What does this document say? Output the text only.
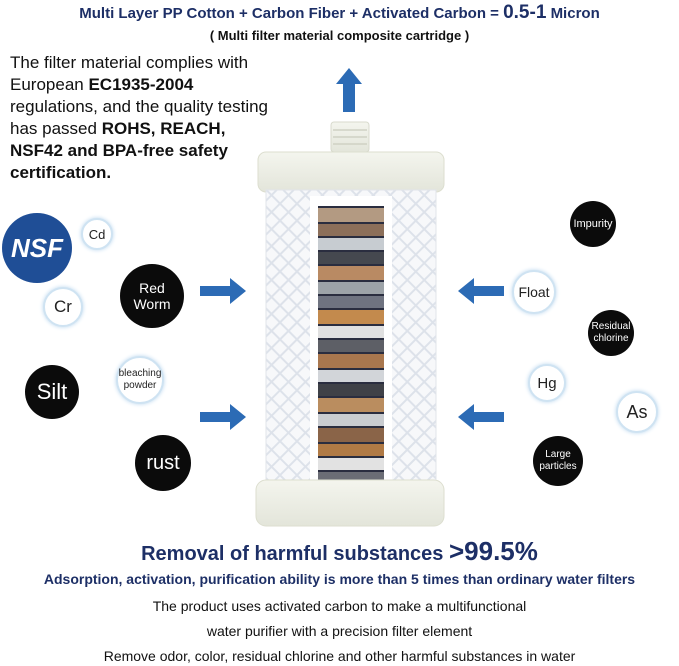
Multi Layer PP Cotton + Carbon Fiber + Activated Carbon = 0.5-1 Micron
( Multi filter material composite cartridge )
The filter material complies with European EC1935-2004 regulations, and the quality testing has passed ROHS, REACH, NSF42 and BPA-free safety certification.
NSF	Cd
Red Worm
Cr
bleaching powder
Silt
rust
Impurity
Float
Residual chlorine
Hg
As
Large particles
Removal of harmful substances >99.5%
Adsorption, activation, purification ability is more than 5 times than ordinary water filters
The product uses activated carbon to make a multifunctional
water purifier with a precision filter element
Remove odor, color, residual chlorine and other harmful substances in water
